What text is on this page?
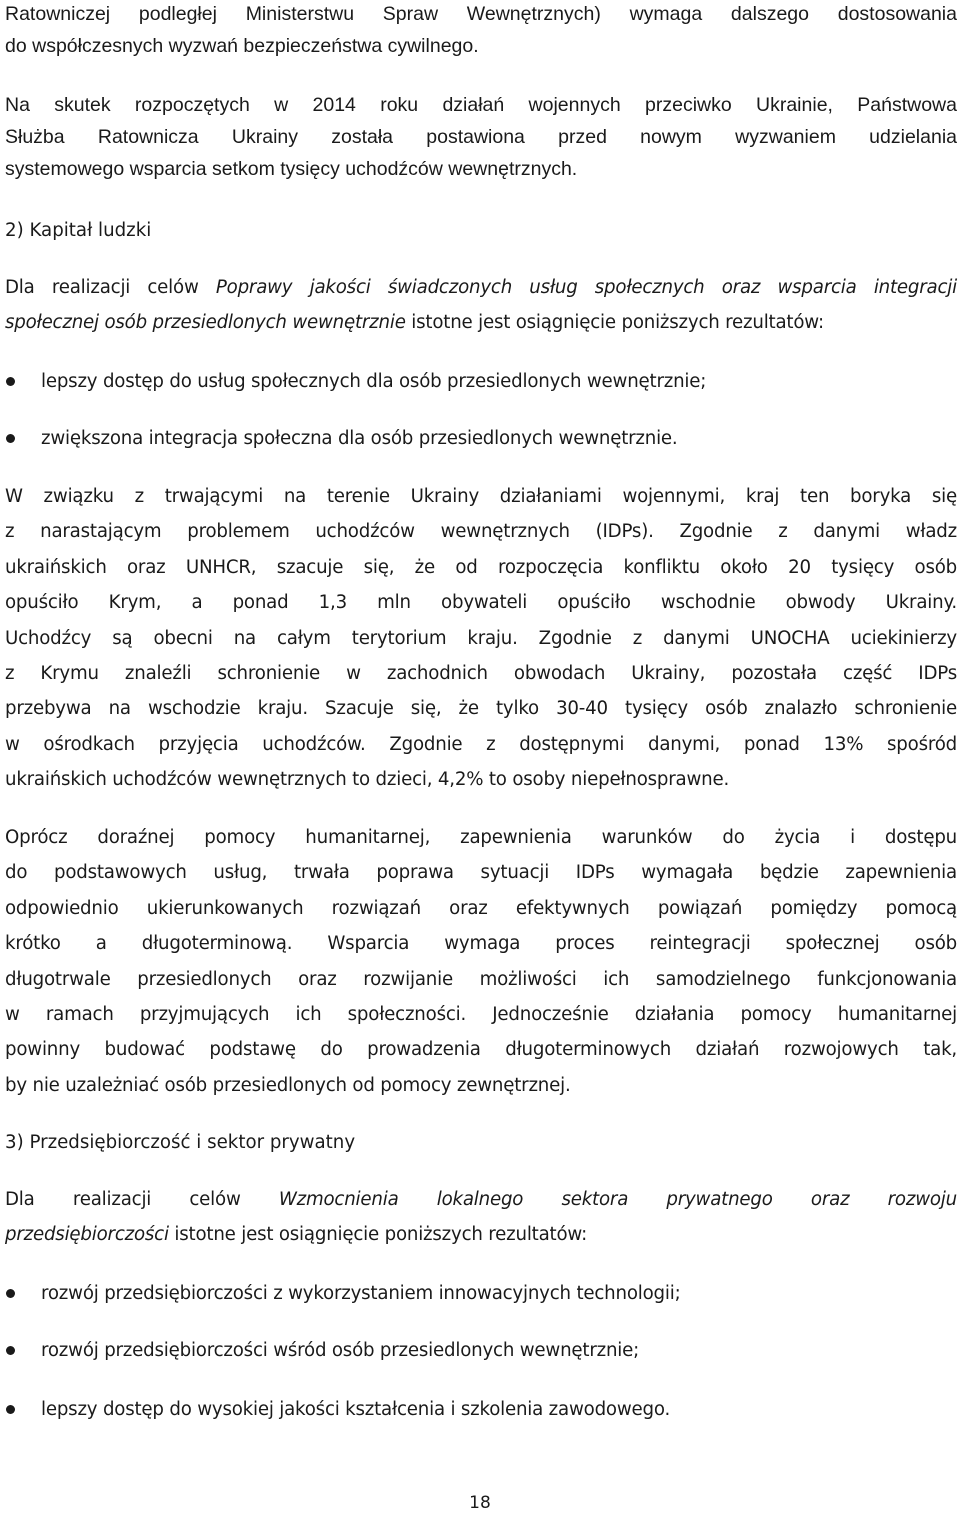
Ratowniczej podległej Ministerstwu Spraw Wewnętrznych) wymaga dalszego dostosowania
do współczesnych wyzwań bezpieczeństwa cywilnego.

Na skutek rozpoczętych w 2014 roku działań wojennych przeciwko Ukrainie, Państwowa
Służba Ratownicza Ukrainy została postawiona przed nowym wyzwaniem udzielania
systemowego wsparcia setkom tysięcy uchodźców wewnętrznych.

2) Kapitał ludzki

Dla realizacji celów Poprawy jakości świadczonych usług społecznych oraz wsparcia integracji
społecznej osób przesiedlonych wewnętrznie istotne jest osiągnięcie poniższych rezultatów:

lepszy dostęp do usług społecznych dla osób przesiedlonych wewnętrznie;
zwiększona integracja społeczna dla osób przesiedlonych wewnętrznie.

W związku z trwającymi na terenie Ukrainy działaniami wojennymi, kraj ten boryka się
z narastającym problemem uchodźców wewnętrznych (IDPs). Zgodnie z danymi władz
ukraińskich oraz UNHCR, szacuje się, że od rozpoczęcia konfliktu około 20 tysięcy osób
opuściło Krym, a ponad 1,3 mln obywateli opuściło wschodnie obwody Ukrainy.
Uchodźcy są obecni na całym terytorium kraju. Zgodnie z danymi UNOCHA uciekinierzy
z Krymu znaleźli schronienie w zachodnich obwodach Ukrainy, pozostała część IDPs
przebywa na wschodzie kraju. Szacuje się, że tylko 30-40 tysięcy osób znalazło schronienie
w ośrodkach przyjęcia uchodźców. Zgodnie z dostępnymi danymi, ponad 13% spośród
ukraińskich uchodźców wewnętrznych to dzieci, 4,2% to osoby niepełnosprawne.

Oprócz doraźnej pomocy humanitarnej, zapewnienia warunków do życia i dostępu
do podstawowych usług, trwała poprawa sytuacji IDPs wymagała będzie zapewnienia
odpowiednio ukierunkowanych rozwiązań oraz efektywnych powiązań pomiędzy pomocą
krótko a długoterminową. Wsparcia wymaga proces reintegracji społecznej osób
długotrwale przesiedlonych oraz rozwijanie możliwości ich samodzielnego funkcjonowania
w ramach przyjmujących ich społeczności. Jednocześnie działania pomocy humanitarnej
powinny budować podstawę do prowadzenia długoterminowych działań rozwojowych tak,
by nie uzależniać osób przesiedlonych od pomocy zewnętrznej.

3) Przedsiębiorczość i sektor prywatny

Dla realizacji celów Wzmocnienia lokalnego sektora prywatnego oraz rozwoju
przedsiębiorczości istotne jest osiągnięcie poniższych rezultatów:

rozwój przedsiębiorczości z wykorzystaniem innowacyjnych technologii;
rozwój przedsiębiorczości wśród osób przesiedlonych wewnętrznie;
lepszy dostęp do wysokiej jakości kształcenia i szkolenia zawodowego.
18
